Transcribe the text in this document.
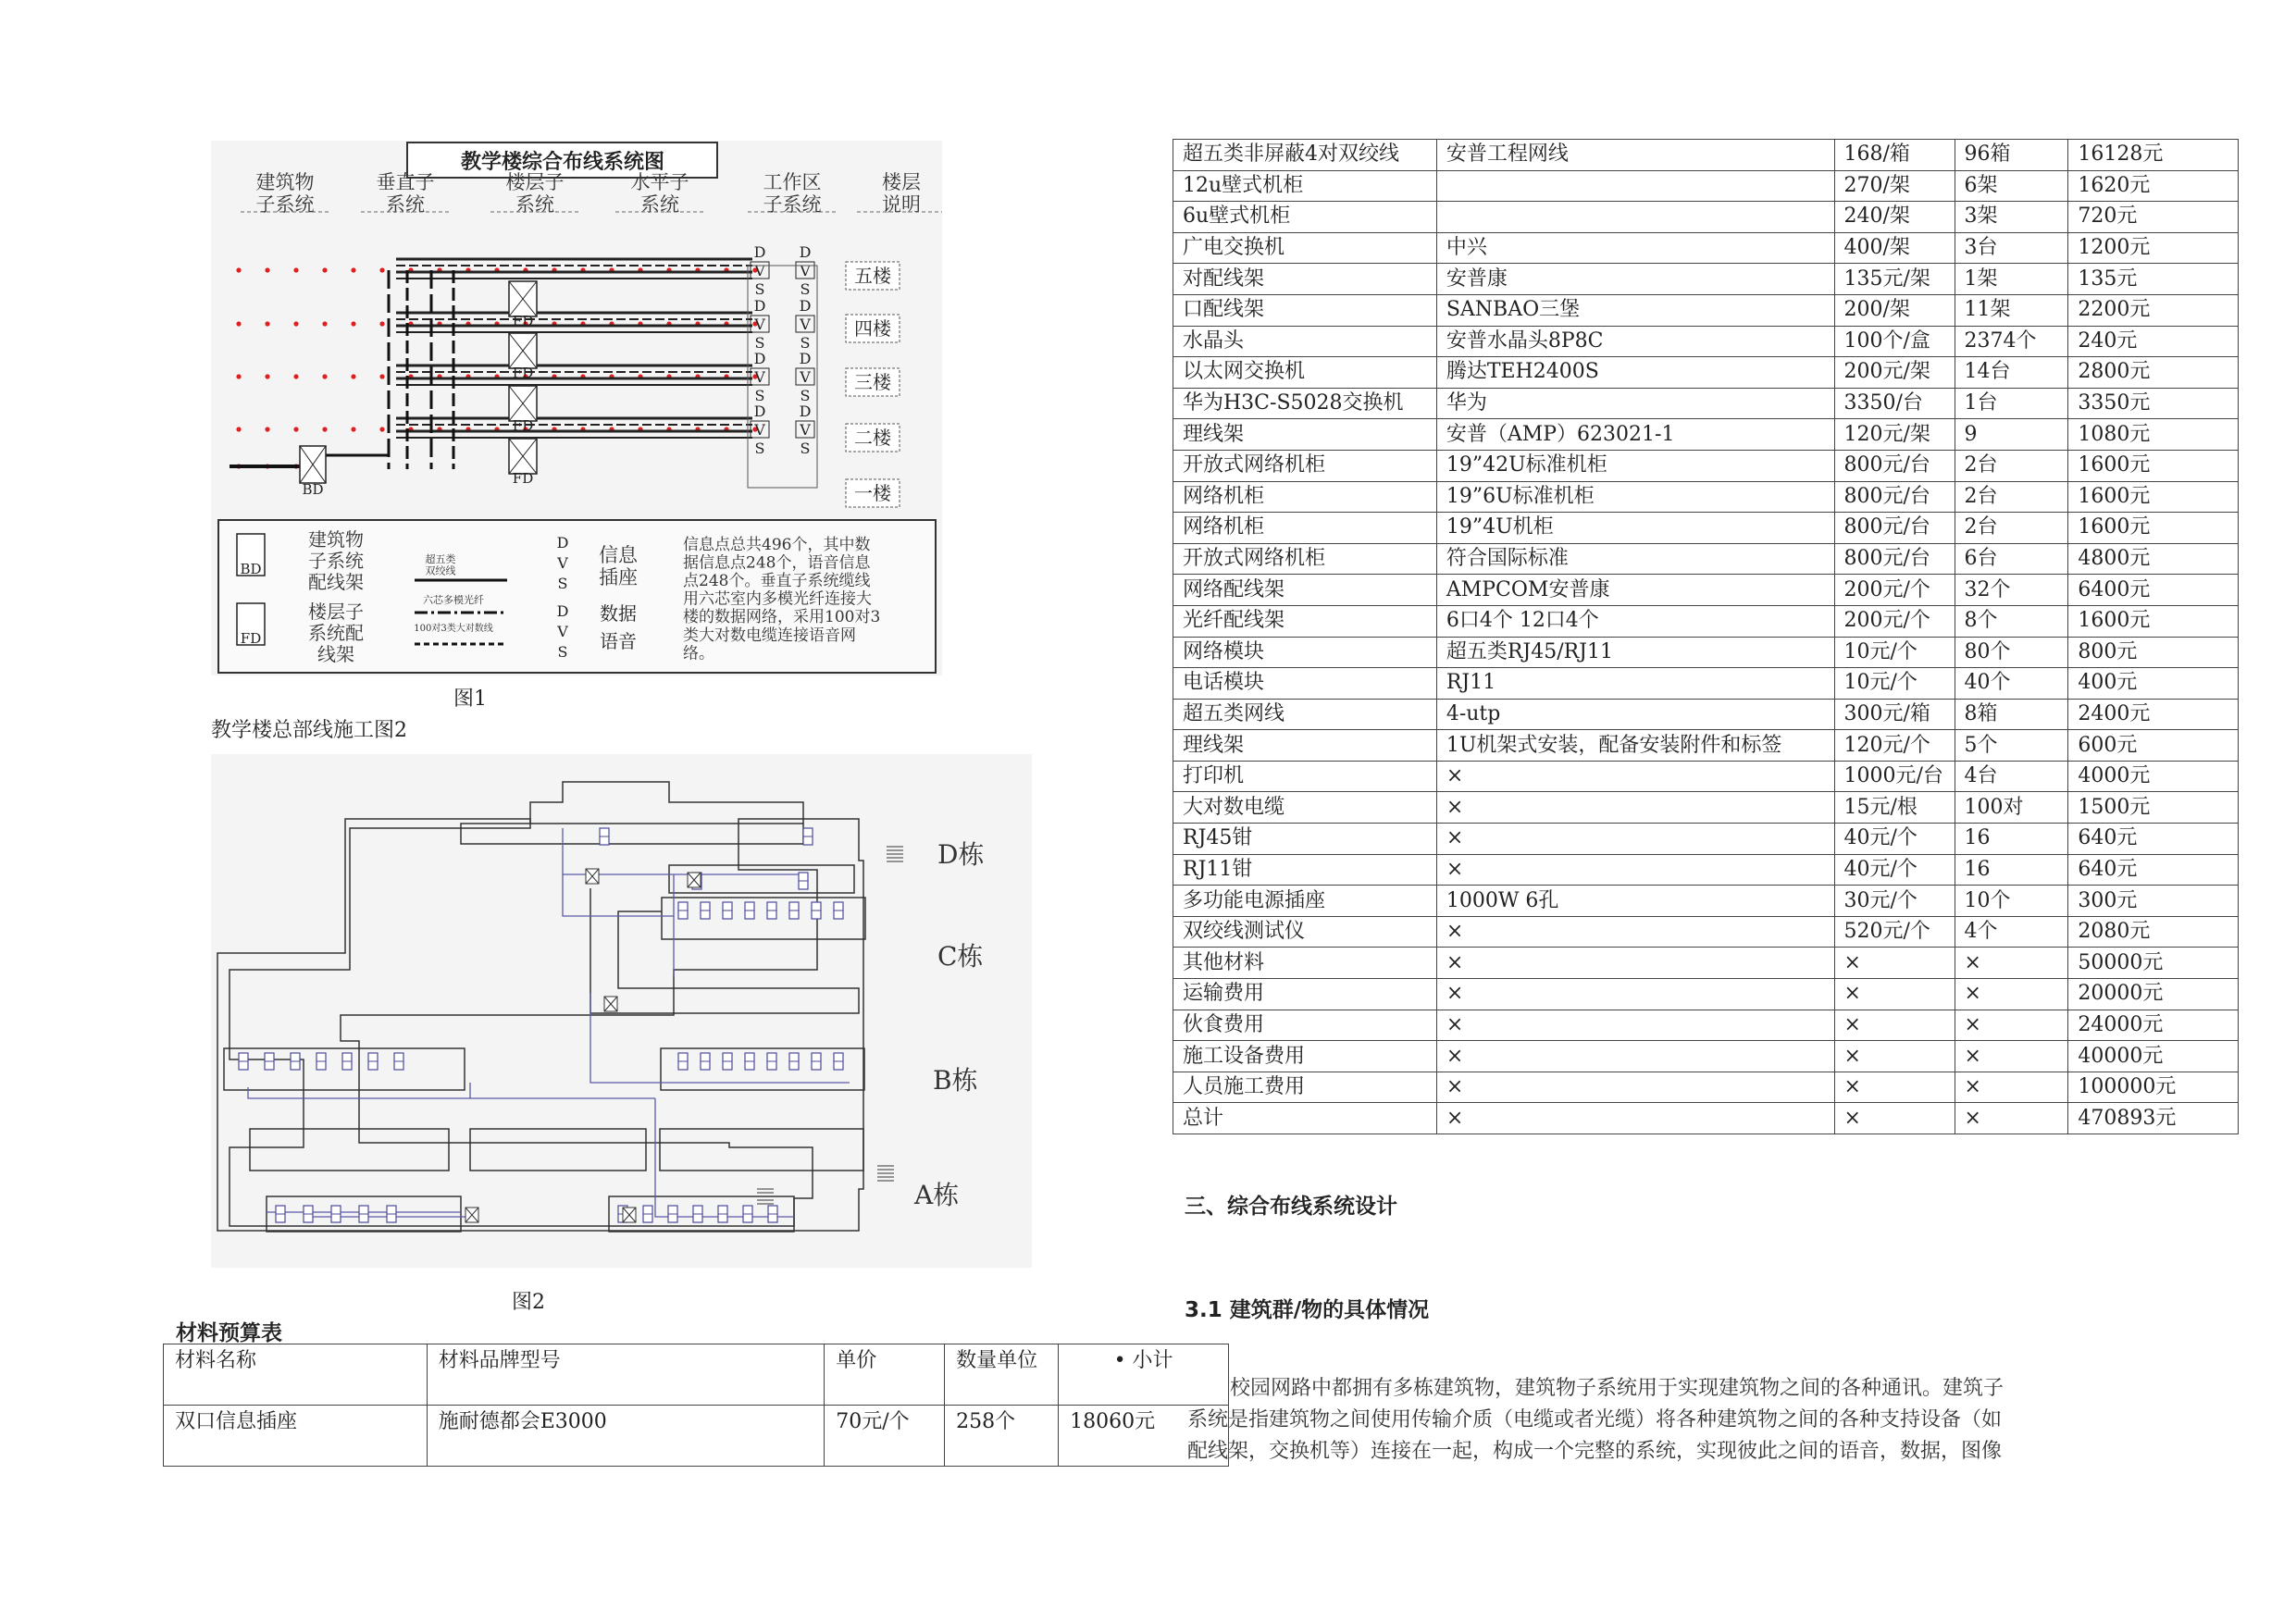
教学楼综合布线系统图
建筑物
子系统
垂直子
系统
楼层子
系统
水平子
系统
工作区
子系统
楼层
说明
FD
FD
FD
FD
BD
D
V
S
D
V
S
D
V
S
D
V
S
D
V
S
D
V
S
D
V
S
D
V
S
五楼
四楼
三楼
二楼
一楼
BD
建筑物
子系统
配线架
FD
楼层子
系统配
线架
超五类
双绞线
六芯多模光纤
100对3类大对数线
D
V
S
信息
插座
D
V
S
数据
语音
信息点总共496个，其中数
据信息点248个，语音信息
点248个。垂直子系统缆线
用六芯室内多模光纤连接大
楼的数据网络，采用100对3
类大对数电缆连接语音网
络。
图1
教学楼总部线施工图2
D栋
C栋
B栋
A栋
图2
材料预算表
材料名称	材料品牌型号	单价	数量单位	• 小计
双口信息插座	施耐德都会E3000	70元/个	258个	18060元
超五类非屏蔽4对双绞线	安普工程网线	168/箱	96箱	16128元
12u壁式机柜		270/架	6架	1620元
6u壁式机柜		240/架	3架	720元
广电交换机	中兴	400/架	3台	1200元
对配线架	安普康	135元/架	1架	135元
口配线架	SANBAO三堡	200/架	11架	2200元
水晶头	安普水晶头8P8C	100个/盒	2374个	240元
以太网交换机	腾达TEH2400S	200元/架	14台	2800元
华为H3C-S5028交换机	华为	3350/台	1台	3350元
理线架	安普（AMP）623021-1	120元/架	9	1080元
开放式网络机柜	19”42U标准机柜	800元/台	2台	1600元
网络机柜	19”6U标准机柜	800元/台	2台	1600元
网络机柜	19”4U机柜	800元/台	2台	1600元
开放式网络机柜	符合国际标准	800元/台	6台	4800元
网络配线架	AMPCOM安普康	200元/个	32个	6400元
光纤配线架	6口4个 12口4个	200元/个	8个	1600元
网络模块	超五类RJ45/RJ11	10元/个	80个	800元
电话模块	RJ11	10元/个	40个	400元
超五类网线	4-utp	300元/箱	8箱	2400元
理线架	1U机架式安装，配备安装附件和标签	120元/个	5个	600元
打印机	×	1000元/台	4台	4000元
大对数电缆	×	15元/根	100对	1500元
RJ45钳	×	40元/个	16	640元
RJ11钳	×	40元/个	16	640元
多功能电源插座	1000W 6孔	30元/个	10个	300元
双绞线测试仪	×	520元/个	4个	2080元
其他材料	×	×	×	50000元
运输费用	×	×	×	20000元
伙食费用	×	×	×	24000元
施工设备费用	×	×	×	40000元
人员施工费用	×	×	×	100000元
总计	×	×	×	470893元
三、综合布线系统设计
3.1 建筑群/物的具体情况
校园网路中都拥有多栋建筑物，建筑物子系统用于实现建筑物之间的各种通讯。建筑子
系统是指建筑物之间使用传输介质（电缆或者光缆）将各种建筑物之间的各种支持设备（如
配线架，交换机等）连接在一起，构成一个完整的系统，实现彼此之间的语音，数据，图像
